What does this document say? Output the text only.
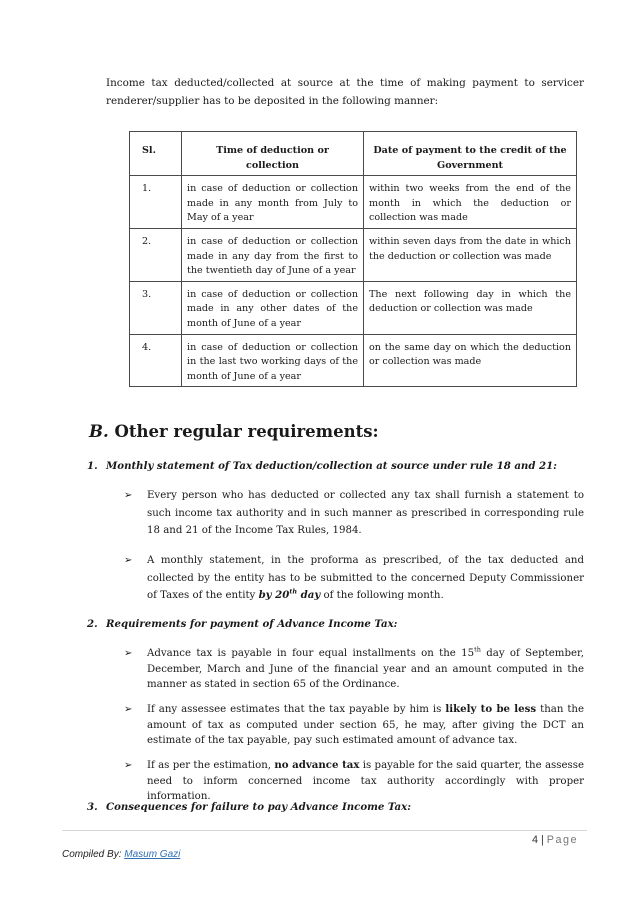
Income tax deducted/collected at source at the time of making payment to servicer renderer/supplier has to be deposited in the following manner:

Sl.	Time of deduction or collection	Date of payment to the credit of the Government
1.	in case of deduction or collection made in any month from July to May of a year	within two weeks from the end of the month in which the deduction or collection was made
2.	in case of deduction or collection made in any day from the first to the twentieth day of June of a year	within seven days from the date in which the deduction or collection was made
3.	in case of deduction or collection made in any other dates of the month of June of a year	The next following day in which the deduction or collection was made
4.	in case of deduction or collection in the last two working days of the month of June of a year	on the same day on which the deduction or collection was made
B. Other regular requirements:
1. Monthly statement of Tax deduction/collection at source under rule 18 and 21:
➢ Every person who has deducted or collected any tax shall furnish a statement to such income tax authority and in such manner as prescribed in corresponding rule 18 and 21 of the Income Tax Rules, 1984.
➢ A monthly statement, in the proforma as prescribed, of the tax deducted and collected by the entity has to be submitted to the concerned Deputy Commissioner of Taxes of the entity by 20th day of the following month.
2. Requirements for payment of Advance Income Tax:
➢ Advance tax is payable in four equal installments on the 15th day of September, December, March and June of the financial year and an amount computed in the manner as stated in section 65 of the Ordinance.
➢ If any assessee estimates that the tax payable by him is likely to be less than the amount of tax as computed under section 65, he may, after giving the DCT an estimate of the tax payable, pay such estimated amount of advance tax.
➢ If as per the estimation, no advance tax is payable for the said quarter, the assesse need to inform concerned income tax authority accordingly with proper information.
3. Consequences for failure to pay Advance Income Tax:
4 | Page
Compiled By: Masum Gazi
